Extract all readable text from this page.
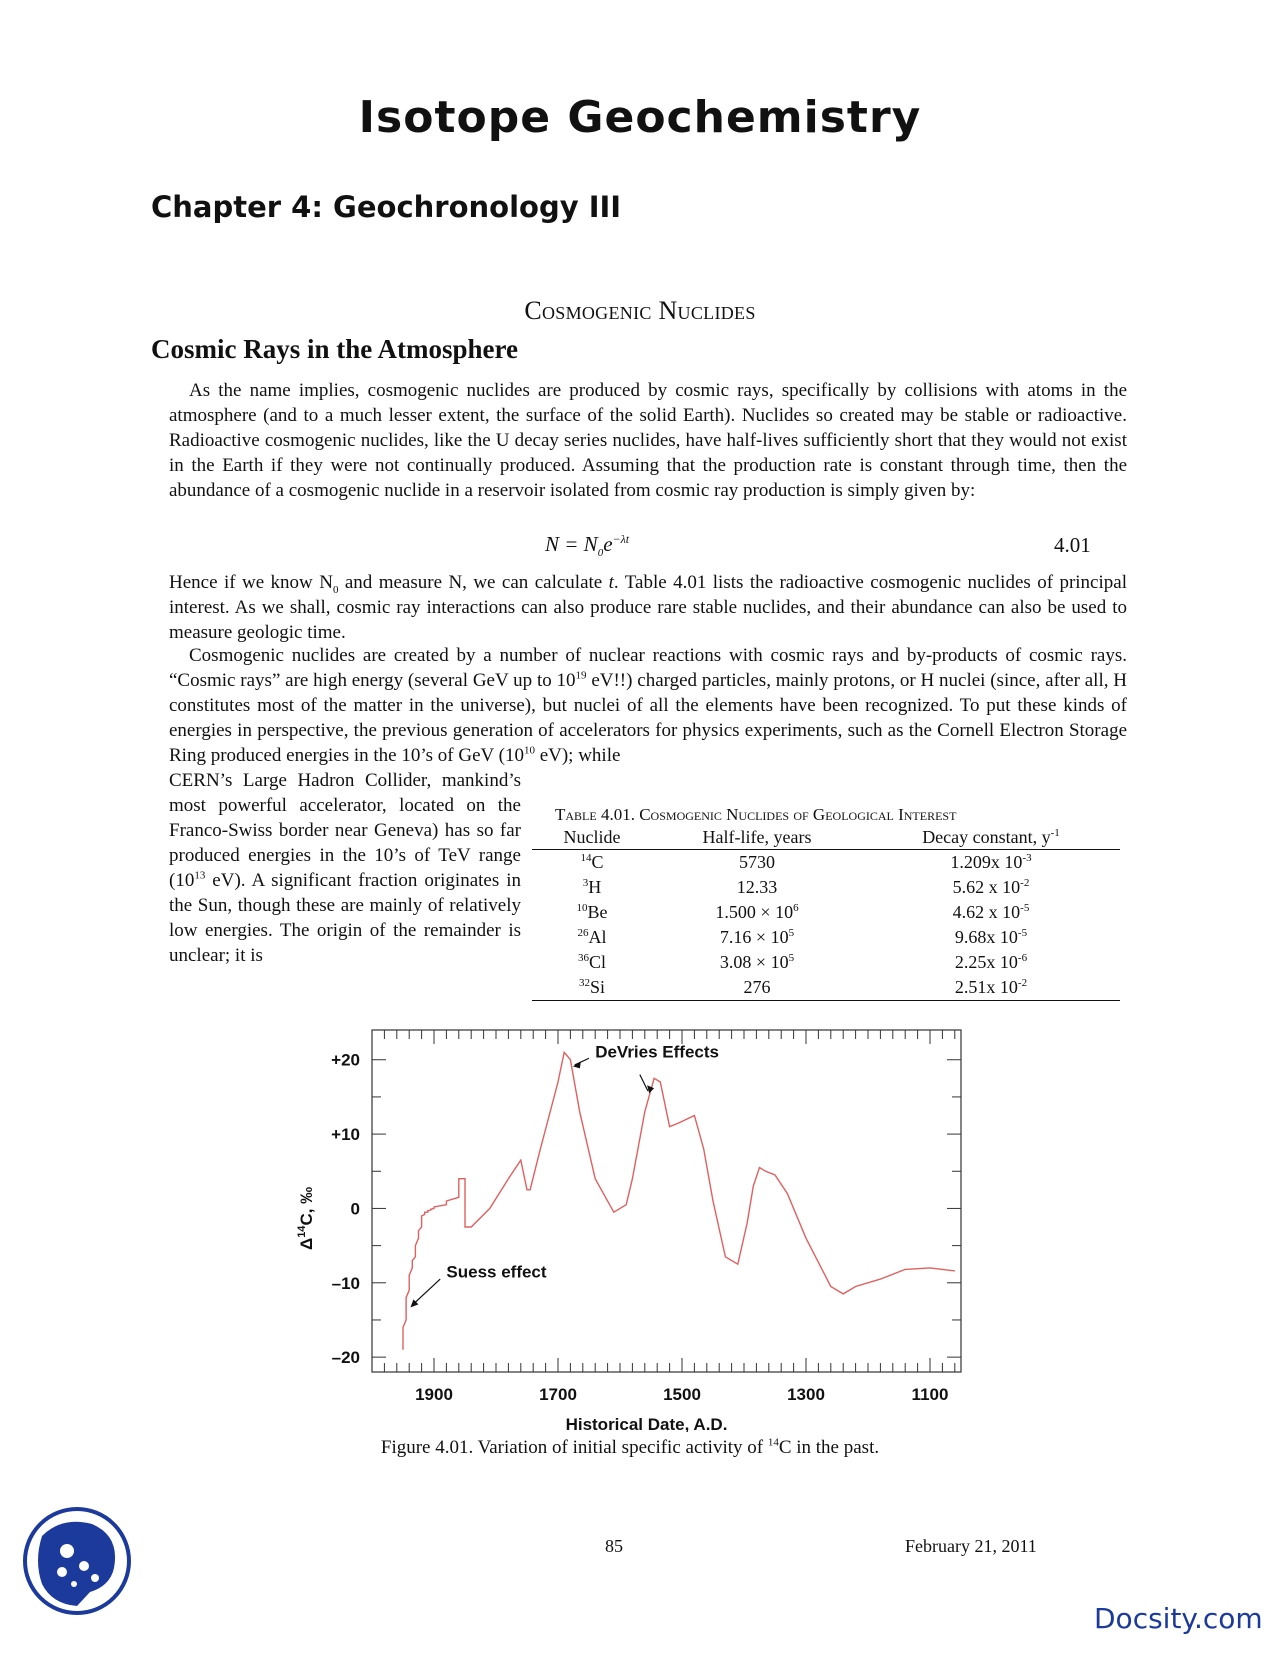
Isotope Geochemistry
Chapter 4: Geochronology III
Cosmogenic Nuclides
Cosmic Rays in the Atmosphere
As the name implies, cosmogenic nuclides are produced by cosmic rays, specifically by collisions with atoms in the atmosphere (and to a much lesser extent, the surface of the solid Earth). Nuclides so created may be stable or radioactive. Radioactive cosmogenic nuclides, like the U decay series nuclides, have half-lives sufficiently short that they would not exist in the Earth if they were not continually produced. Assuming that the production rate is constant through time, then the abundance of a cosmogenic nuclide in a reservoir isolated from cosmic ray production is simply given by:
$N = N_0e^{-\lambda t}$	4.01
Hence if we know $N_0$ and measure N, we can calculate t. Table 4.01 lists the radioactive cosmogenic nuclides of principal interest. As we shall, cosmic ray interactions can also produce rare stable nuclides, and their abundance can also be used to measure geologic time.
Cosmogenic nuclides are created by a number of nuclear reactions with cosmic rays and by-products of cosmic rays. “Cosmic rays” are high energy (several GeV up to $10^{19}$ eV!!) charged particles, mainly protons, or H nuclei (since, after all, H constitutes most of the matter in the universe), but nuclei of all the elements have been recognized. To put these kinds of energies in perspective, the previous generation of accelerators for physics experiments, such as the Cornell Electron Storage Ring produced energies in the 10’s of GeV ($10^{10}$ eV); while
CERN’s Large Hadron Collider, mankind’s most powerful accelerator, located on the Franco-Swiss border near Geneva) has so far produced energies in the 10’s of TeV range ($10^{13}$ eV). A significant fraction originates in the Sun, though these are mainly of relatively low energies. The origin of the remainder is unclear; it is
Table 4.01. Cosmogenic Nuclides of Geological Interest
Nuclide	Half-life, years	Decay constant, $y^{-1}$
$^{14}$C	5730	1.209x $10^{-3}$
$^3$H	12.33	5.62 x $10^{-2}$
$^{10}$Be	$1.500 \times 10^6$	4.62 x $10^{-5}$
$^{26}$Al	$7.16 \times 10^5$	9.68x $10^{-5}$
$^{36}$Cl	$3.08 \times 10^5$	2.25x $10^{-6}$
$^{32}$Si	276	2.51x $10^{-2}$
1900	1700	1500	1300	1100
+20
+10
0
–10
–20
Historical Date, A.D.
$\Delta^{14}C$, ‰
DeVries Effects
Suess effect
Figure 4.01. Variation of initial specific activity of $^{14}$C in the past.
85	February 21, 2011
Docsity.com
